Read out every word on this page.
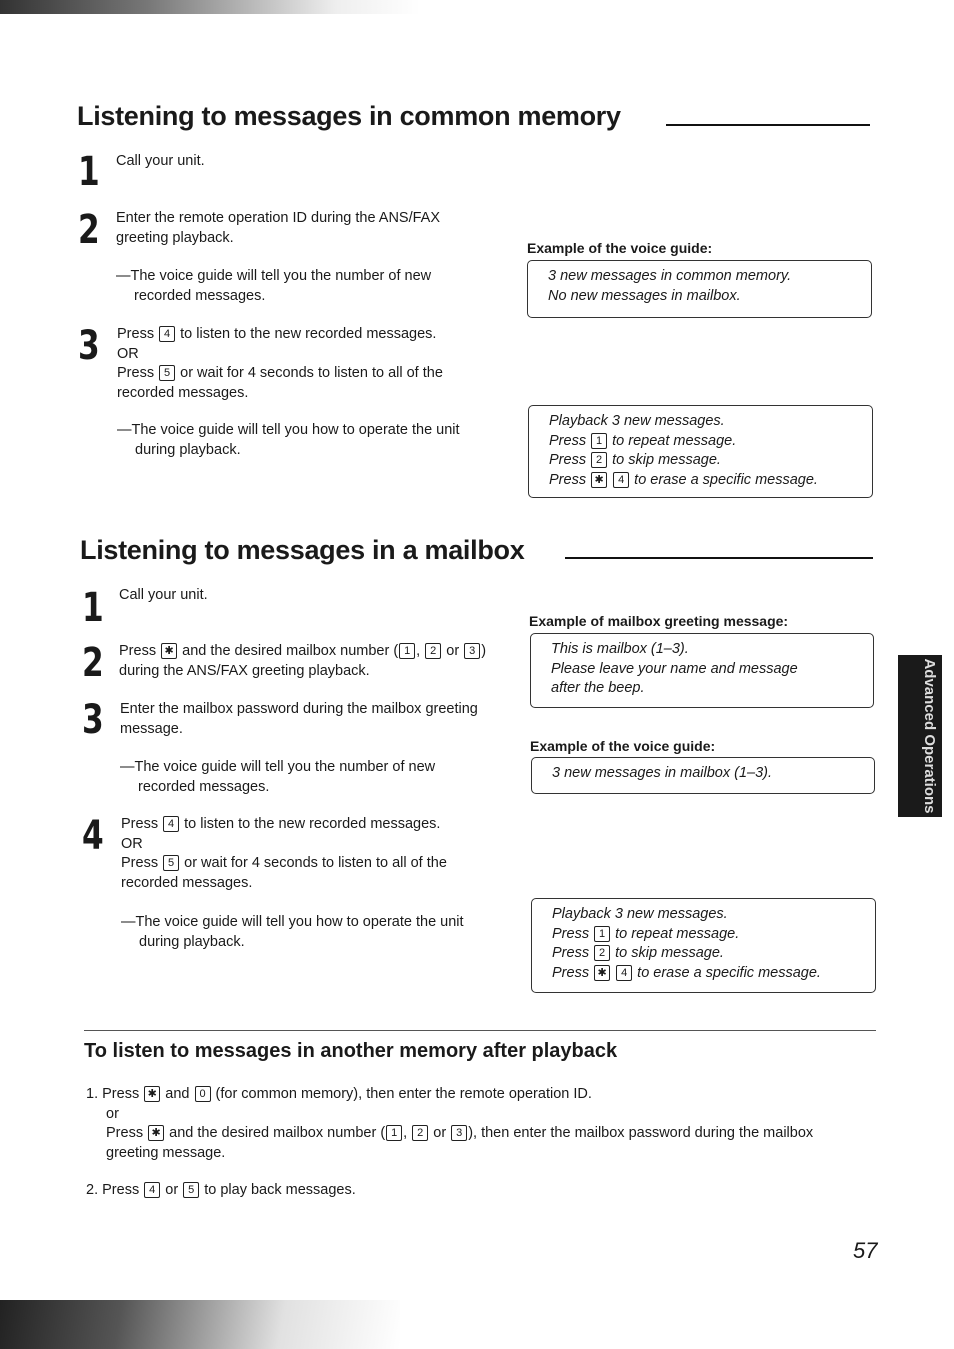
Listening to messages in common memory
1 Call your unit.
2 Enter the remote operation ID during the ANS/FAX greeting playback.
—The voice guide will tell you the number of new recorded messages.
Example of the voice guide:
3 new messages in common memory.
No new messages in mailbox.
3 Press 4 to listen to the new recorded messages.
OR
Press 5 or wait for 4 seconds to listen to all of the recorded messages.
—The voice guide will tell you how to operate the unit during playback.
Playback 3 new messages.
Press 1 to repeat message.
Press 2 to skip message.
Press ✱ 4 to erase a specific message.
Listening to messages in a mailbox
1 Call your unit.
2 Press ✱ and the desired mailbox number ( 1 , 2 or 3 ) during the ANS/FAX greeting playback.
Example of mailbox greeting message:
This is mailbox (1–3).
Please leave your name and message
after the beep.
3 Enter the mailbox password during the mailbox greeting message.
—The voice guide will tell you the number of new recorded messages.
Example of the voice guide:
3 new messages in mailbox (1–3).
4 Press 4 to listen to the new recorded messages.
OR
Press 5 or wait for 4 seconds to listen to all of the recorded messages.
—The voice guide will tell you how to operate the unit during playback.
Playback 3 new messages.
Press 1 to repeat message.
Press 2 to skip message.
Press ✱ 4 to erase a specific message.
To listen to messages in another memory after playback
1. Press ✱ and 0 (for common memory), then enter the remote operation ID.
or
Press ✱ and the desired mailbox number ( 1 , 2 or 3 ), then enter the mailbox password during the mailbox greeting message.
2. Press 4 or 5 to play back messages.
Advanced Operations
57
